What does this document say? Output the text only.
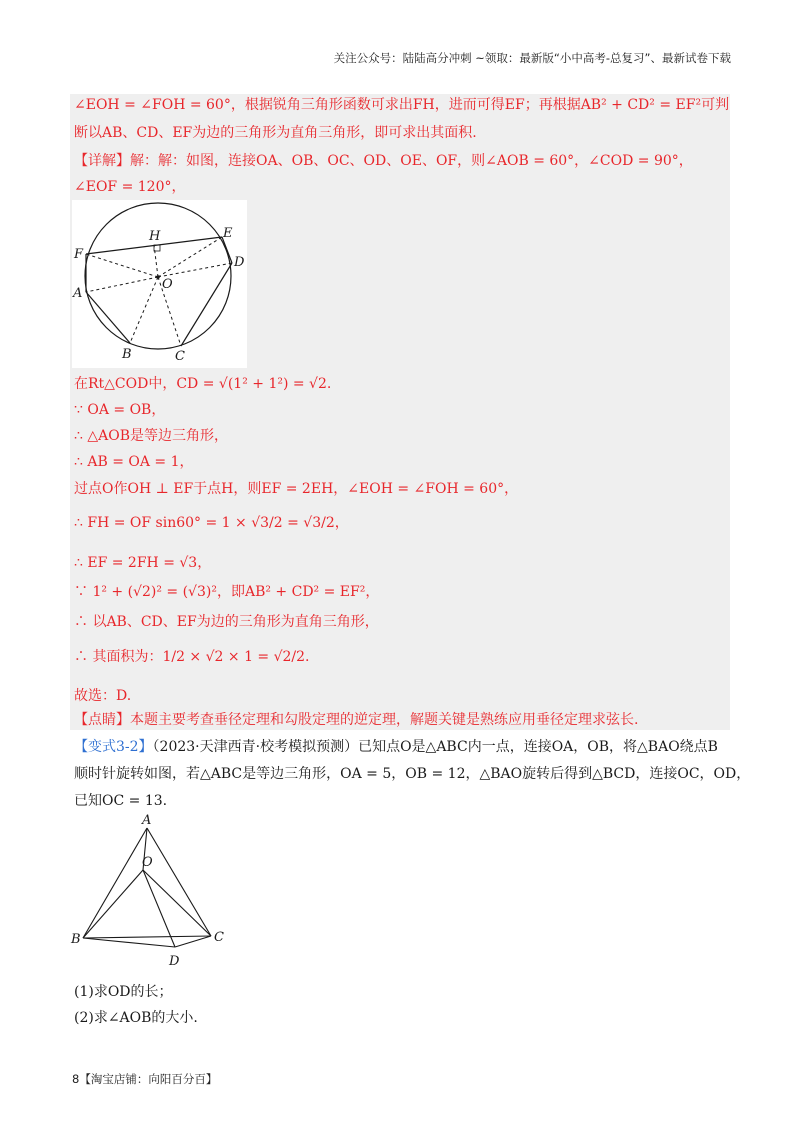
关注公众号：陆陆高分冲刺 ~领取：最新版“小中高考-总复习”、最新试卷下载
∠EOH = ∠FOH = 60°，根据锐角三角形函数可求出FH，进而可得EF；再根据AB² + CD² = EF²可判
断以AB、CD、EF为边的三角形为直角三角形，即可求出其面积.
【详解】解：解：如图，连接OA、OB、OC、OD、OE、OF，则∠AOB = 60°，∠COD = 90°，
∠EOF = 120°，
F
H	E
D
O
A
B	C
在Rt△COD中，CD = √(1² + 1²) = √2.
∵ OA = OB，
∴ △AOB是等边三角形，
∴ AB = OA = 1，
过点O作OH ⊥ EF于点H，则EF = 2EH，∠EOH = ∠FOH = 60°，
∴ FH = OF sin60° = 1 × √3/2 = √3/2，
∴ EF = 2FH = √3，
∵ 1² + (√2)² = (√3)²，即AB² + CD² = EF²，
∴ 以AB、CD、EF为边的三角形为直角三角形，
∴ 其面积为：1/2 × √2 × 1 = √2/2.
故选：D.
【点睛】本题主要考查垂径定理和勾股定理的逆定理，解题关键是熟练应用垂径定理求弦长.
【变式3-2】（2023·天津西青·校考模拟预测）已知点O是△ABC内一点，连接OA，OB，将△BAO绕点B
顺时针旋转如图，若△ABC是等边三角形，OA = 5，OB = 12，△BAO旋转后得到△BCD，连接OC，OD，
已知OC = 13.
A
O
B	C
D
(1)求OD的长；
(2)求∠AOB的大小.
8【淘宝店铺：向阳百分百】
